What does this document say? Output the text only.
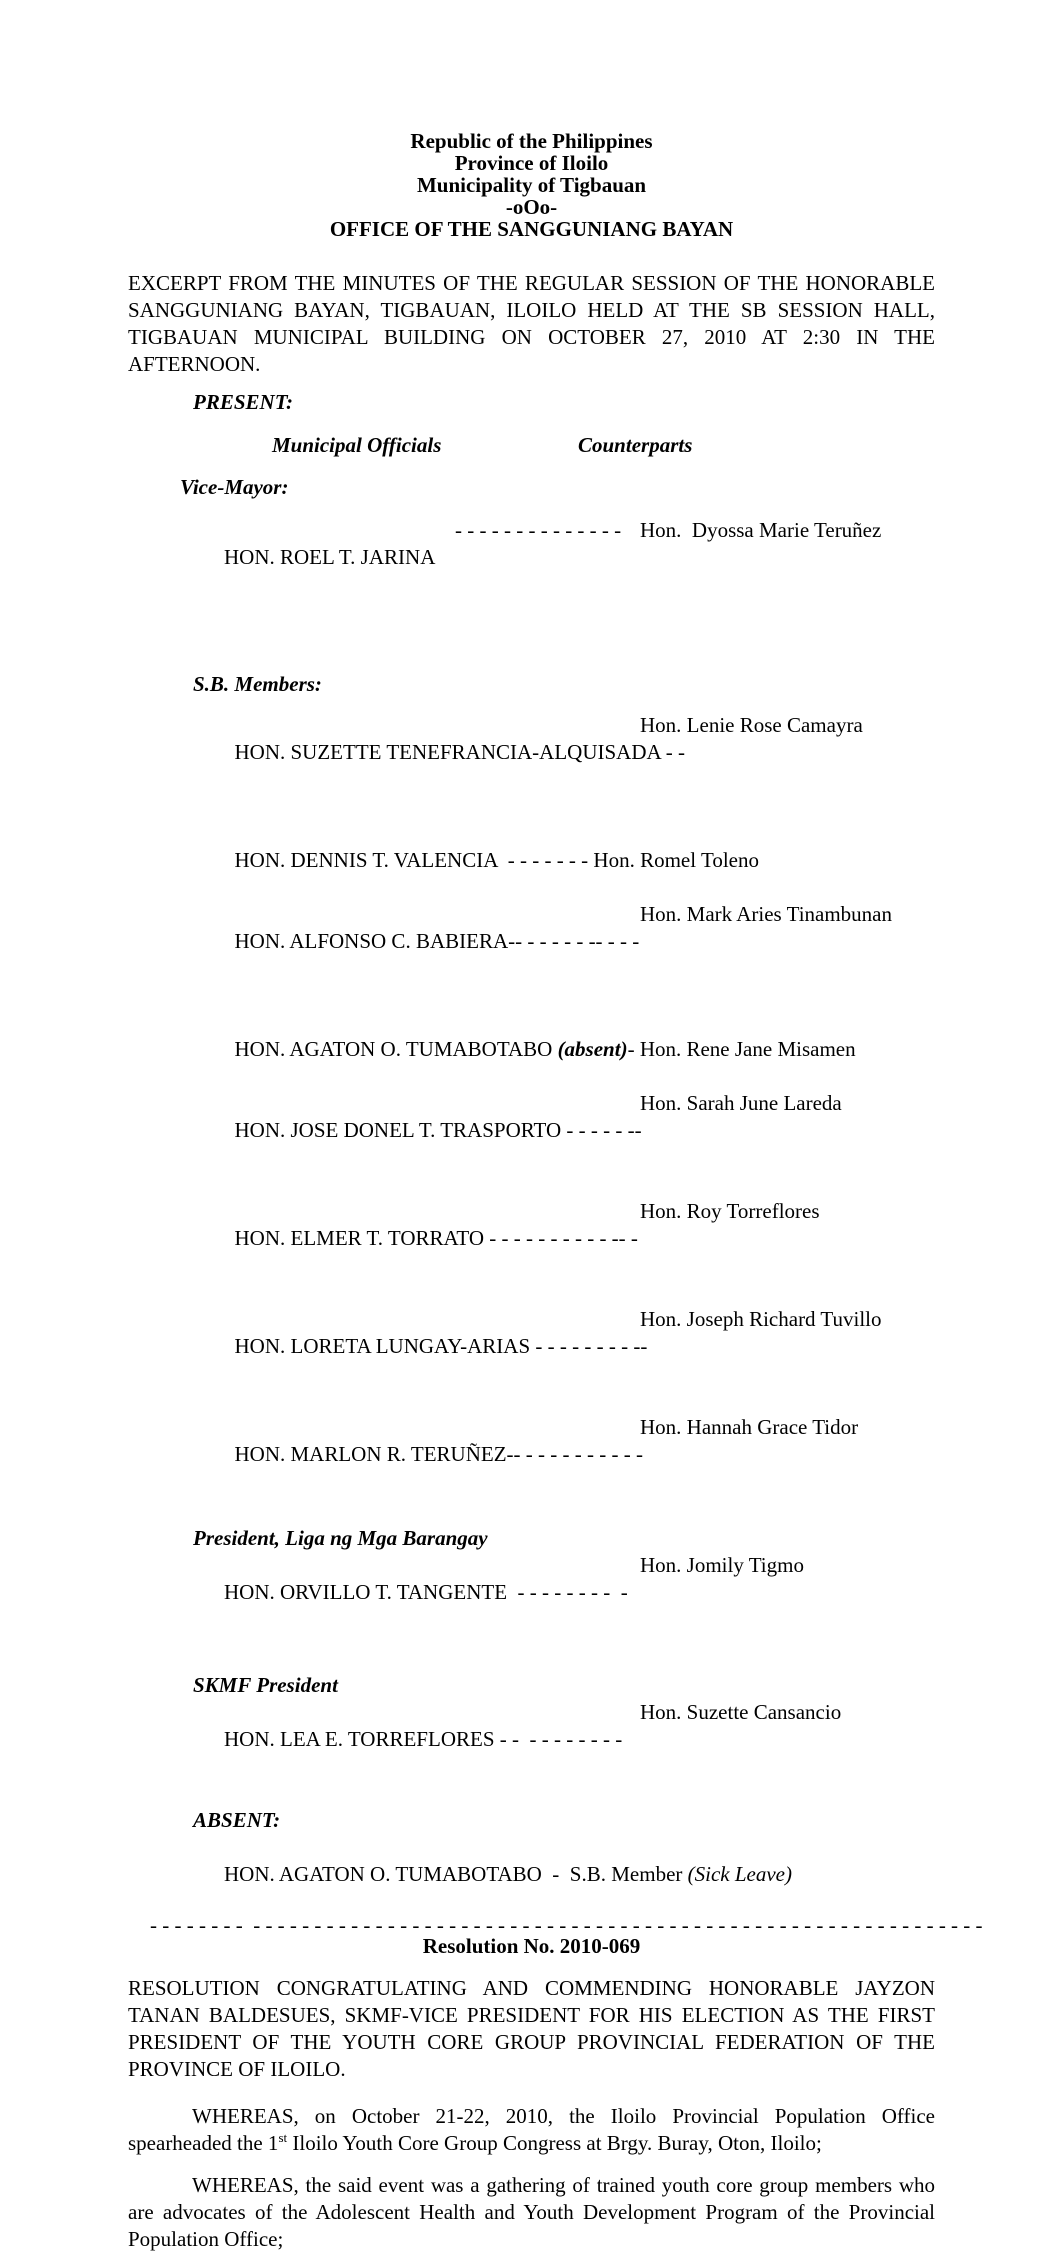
Republic of the Philippines
Province of Iloilo
Municipality of Tigbauan
-oOo-
OFFICE OF THE SANGGUNIANG BAYAN
EXCERPT FROM THE MINUTES OF THE REGULAR SESSION OF THE HONORABLE SANGGUNIANG BAYAN, TIGBAUAN, ILOILO HELD AT THE SB SESSION HALL, TIGBAUAN MUNICIPAL BUILDING ON OCTOBER 27, 2010 AT 2:30 IN THE AFTERNOON.
PRESENT:
Municipal Officials	Counterparts
Vice-Mayor:

HON. ROEL T. JARINA

- - - - - - - - - - - - - -

Hon.  Dyossa Marie Teruñez

S.B. Members:

HON. SUZETTE TENEFRANCIA-ALQUISADA - -

Hon. Lenie Rose Camayra

HON. DENNIS T. VALENCIA  - - - - - - - Hon. Romel Toleno

HON. ALFONSO C. BABIERA-- - - - - - -- - - -

Hon. Mark Aries Tinambunan

HON. AGATON O. TUMABOTABO (absent)- Hon. Rene Jane Misamen

HON. JOSE DONEL T. TRASPORTO - - - - - --

Hon. Sarah June Lareda

HON. ELMER T. TORRATO - - - - - - - - - - -- -

Hon. Roy Torreflores

HON. LORETA LUNGAY-ARIAS - - - - - - - - --

Hon. Joseph Richard Tuvillo

HON. MARLON R. TERUÑEZ-- - - - - - - - - - -

Hon. Hannah Grace Tidor

President, Liga ng Mga Barangay

HON. ORVILLO T. TANGENTE  - - - - - - - -  -

Hon. Jomily Tigmo

SKMF President

HON. LEA E. TORREFLORES - -  - - - - - - - -

Hon. Suzette Cansancio

ABSENT:

HON. AGATON O. TUMABOTABO  -  S.B. Member (Sick Leave)

- - - - - - - -  - - - - - - - - - - - - - - - - - - - - - - - - - - - - - - - - - - - - - - - - - - - - - - - - - - - - - - - - - - - -
Resolution No. 2010-069
RESOLUTION CONGRATULATING AND COMMENDING HONORABLE JAYZON TANAN BALDESUES, SKMF-VICE PRESIDENT FOR HIS ELECTION AS THE FIRST PRESIDENT OF THE YOUTH CORE GROUP PROVINCIAL FEDERATION OF THE PROVINCE OF ILOILO.
WHEREAS, on October 21-22, 2010, the Iloilo Provincial Population Office spearheaded the 1st Iloilo Youth Core Group Congress at Brgy. Buray, Oton, Iloilo;
WHEREAS, the said event was a gathering of trained youth core group members who are advocates of the Adolescent Health and Youth Development Program of the Provincial Population Office;
